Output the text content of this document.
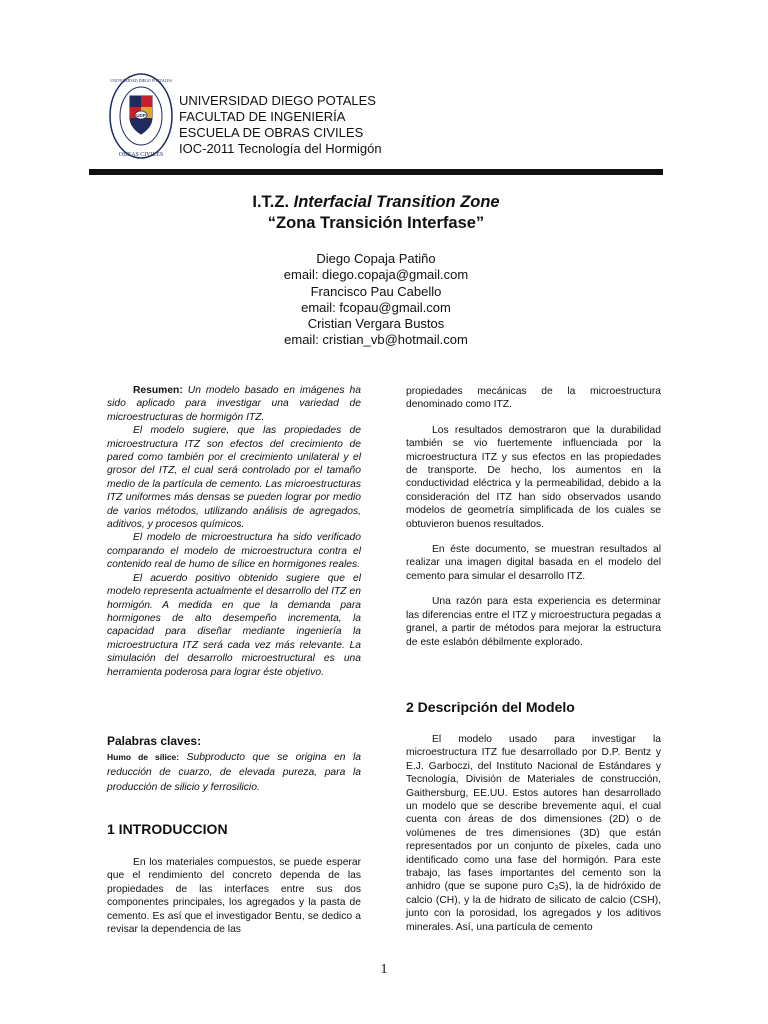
UDP
UNIVERSIDAD DIEGO PORTALES
OBRAS CIVILES
UNIVERSIDAD DIEGO POTALES
FACULTAD DE INGENIERÍA
ESCUELA DE OBRAS CIVILES
IOC-2011 Tecnología del Hormigón
I.T.Z. Interfacial Transition Zone
“Zona Transición Interfase”
Diego Copaja Patiño
email: diego.copaja@gmail.com
Francisco Pau Cabello
email: fcopau@gmail.com
Cristian Vergara Bustos
email: cristian_vb@hotmail.com

Resumen: Un modelo basado en imágenes ha sido aplicado para investigar una variedad de microestructuras de hormigón ITZ.

El modelo sugiere, que las propiedades de microestructura ITZ son efectos del crecimiento de pared como también por el crecimiento unilateral y el grosor del ITZ, el cual será controlado por el tamaño medio de la partícula de cemento. Las microestructuras ITZ uniformes más densas se pueden lograr por medio de varios métodos, utilizando análisis de agregados, aditivos, y procesos químicos.

El modelo de microestructura ha sido verificado comparando el modelo de microestructura contra el contenido real de humo de sílice en hormigones reales.

El acuerdo positivo obtenido sugiere que el modelo representa actualmente el desarrollo del ITZ en hormigón. A medida en que la demanda para hormigones de alto desempeño incrementa, la capacidad para diseñar mediante ingeniería la microestructura ITZ será cada vez más relevante. La simulación del desarrollo microestructural es una herramienta poderosa para lograr éste objetivo.

Palabras claves:

Humo de sílice: Subproducto que se origina en la reducción de cuarzo, de elevada pureza, para la producción de silicio y ferrosilicio.

1 INTRODUCCION

En los materiales compuestos, se puede esperar que el rendimiento del concreto dependa de las propiedades de las interfaces entre sus dos componentes principales, los agregados y la pasta de cemento. Es así que el investigador Bentu, se dedico a revisar la dependencia de las

propiedades mecánicas de la microestructura denominado como ITZ.

Los resultados demostraron que la durabilidad también se vio fuertemente influenciada por la microestructura ITZ y sus efectos en las propiedades de transporte. De hecho, los aumentos en la conductividad eléctrica y la permeabilidad, debido a la consideración del ITZ han sido observados usando modelos de geometría simplificada de los cuales se obtuvieron buenos resultados.

En éste documento, se muestran resultados al realizar una imagen digital basada en el modelo del cemento para simular el desarrollo ITZ.

Una razón para esta experiencia es determinar las diferencias entre el ITZ y microestructura pegadas a granel, a partir de métodos para mejorar la estructura de este eslabón débilmente explorado.

2 Descripción del Modelo

El modelo usado para investigar la microestructura ITZ fue desarrollado por D.P. Bentz y E.J. Garboczi, del Instituto Nacional de Estándares y Tecnología, División de Materiales de construcción, Gaithersburg, EE.UU. Estos autores han desarrollado un modelo que se describe brevemente aquí, el cual cuenta con áreas de dos dimensiones (2D) o de volúmenes de tres dimensiones (3D) que están representados por un conjunto de píxeles, cada uno identificado como una fase del hormigón. Para este trabajo, las fases importantes del cemento son la anhidro (que se supone puro $C_3S$), la de hidróxido de calcio (CH), y la de hidrato de silicato de calcio (CSH), junto con la porosidad, los agregados y los aditivos minerales. Así, una partícula de cemento

1
